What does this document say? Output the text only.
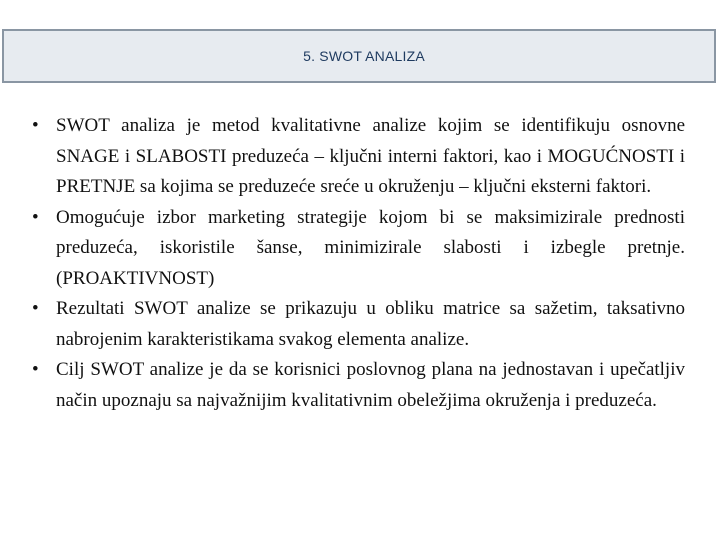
5. SWOT ANALIZA
• SWOT analiza je metod kvalitativne analize kojim se identifikuju osnovne SNAGE i SLABOSTI preduzeća – ključni interni faktori, kao i MOGUĆNOSTI i PRETNJE sa kojima se preduzeće sreće u okruženju – ključni eksterni faktori.
• Omogućuje izbor marketing strategije kojom bi se maksimizirale prednosti preduzeća, iskoristile šanse, minimizirale slabosti i izbegle pretnje. (PROAKTIVNOST)
• Rezultati SWOT analize se prikazuju u obliku matrice sa sažetim, taksativno nabrojenim karakteristikama svakog elementa analize.
• Cilj SWOT analize je da se korisnici poslovnog plana na jednostavan i upečatljiv način upoznaju sa najvažnijim kvalitativnim obeležjima okruženja i preduzeća.
